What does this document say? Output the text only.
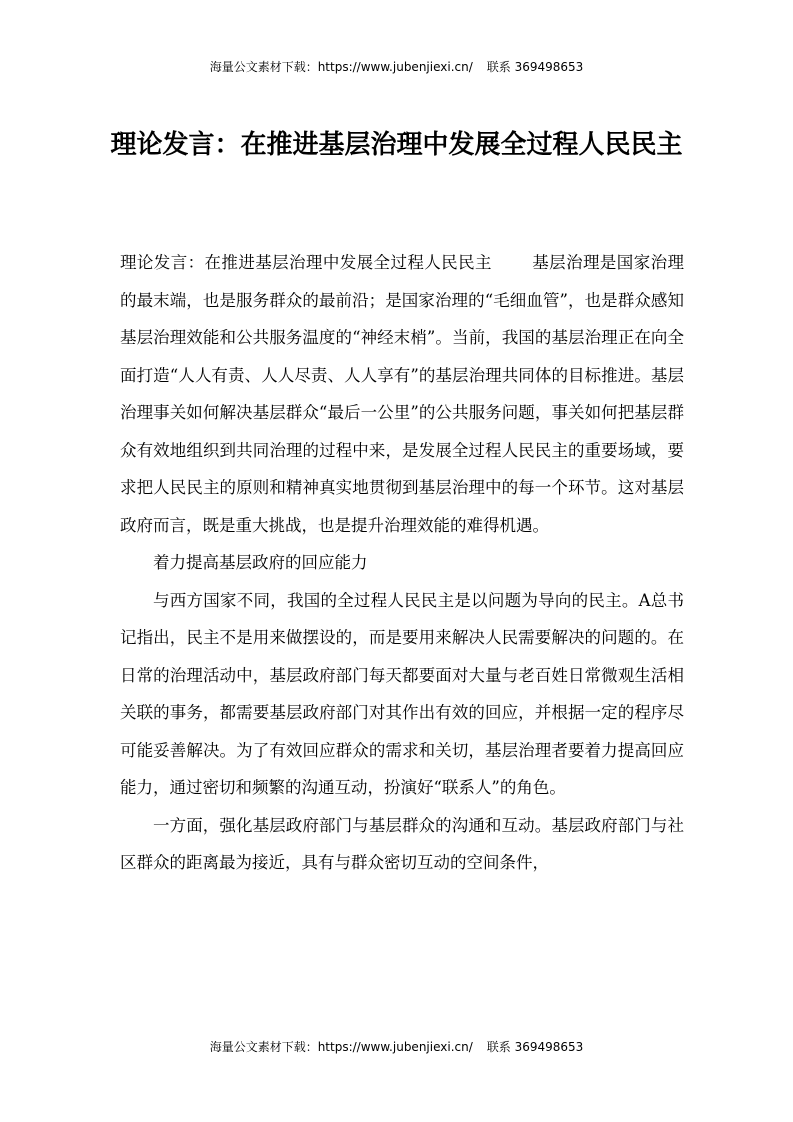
海量公文素材下载：https://www.jubenjiexi.cn/ 联系 369498653
理论发言：在推进基层治理中发展全过程人民民主

理论发言：在推进基层治理中发展全过程人民民主 基层治理是国家治理的最末端，也是服务群众的最前沿；是国家治理的“毛细血管”，也是群众感知基层治理效能和公共服务温度的“神经末梢”。当前，我国的基层治理正在向全面打造“人人有责、人人尽责、人人享有”的基层治理共同体的目标推进。基层治理事关如何解决基层群众“最后一公里”的公共服务问题，事关如何把基层群众有效地组织到共同治理的过程中来，是发展全过程人民民主的重要场域，要求把人民民主的原则和精神真实地贯彻到基层治理中的每一个环节。这对基层政府而言，既是重大挑战，也是提升治理效能的难得机遇。

着力提高基层政府的回应能力

与西方国家不同，我国的全过程人民民主是以问题为导向的民主。A总书记指出，民主不是用来做摆设的，而是要用来解决人民需要解决的问题的。在日常的治理活动中，基层政府部门每天都要面对大量与老百姓日常微观生活相关联的事务，都需要基层政府部门对其作出有效的回应，并根据一定的程序尽可能妥善解决。为了有效回应群众的需求和关切，基层治理者要着力提高回应能力，通过密切和频繁的沟通互动，扮演好“联系人”的角色。

一方面，强化基层政府部门与基层群众的沟通和互动。基层政府部门与社区群众的距离最为接近，具有与群众密切互动的空间条件，

海量公文素材下载：https://www.jubenjiexi.cn/ 联系 369498653
